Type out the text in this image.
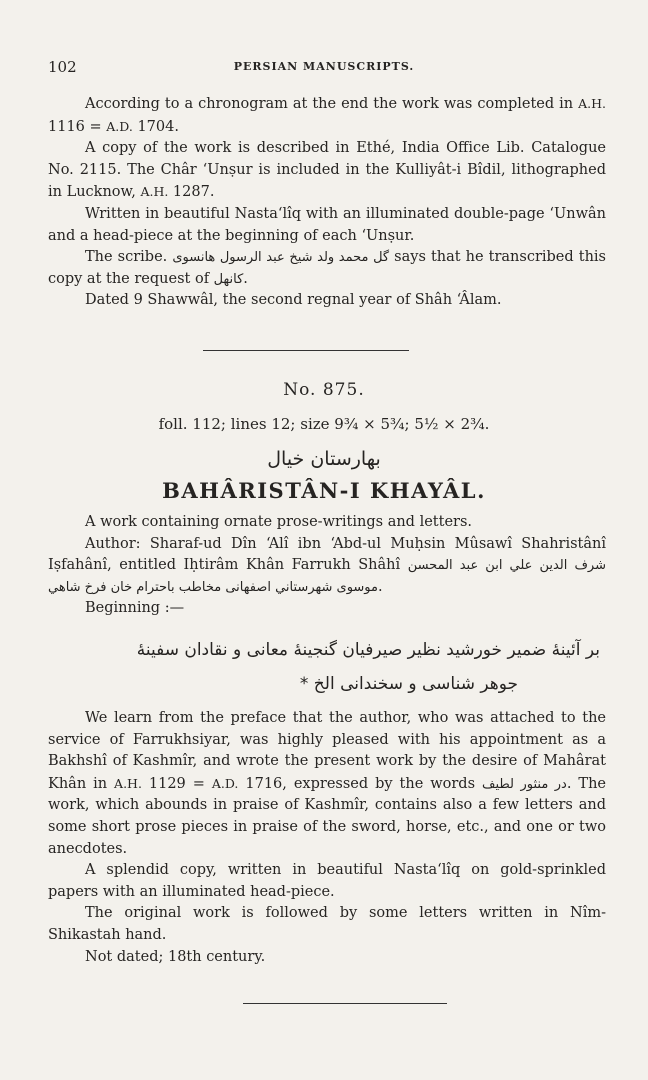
102	PERSIAN MANUSCRIPTS.

According to a chronogram at the end the work was completed in A.H. 1116 = A.D. 1704.

A copy of the work is described in Ethé, India Office Lib. Catalogue No. 2115. The Châr ‘Unṣur is included in the Kulliyât-i Bîdil, lithographed in Lucknow, A.H. 1287.

Written in beautiful Nasta‘lîq with an illuminated double-page ‘Unwân and a head-piece at the beginning of each ‘Unṣur.

The scribe. گل محمد ولد شیخ عبد الرسول هانسوی says that he transcribed this copy at the request of کانهل.

Dated 9 Shawwâl, the second regnal year of Shâh ‘Âlam.

No. 875.
foll. 112; lines 12; size 9¾ × 5¾; 5½ × 2¾.
بهارستان خیال
BAHÂRISTÂN-I KHAYÂL.

A work containing ornate prose-writings and letters.

Author: Sharaf-ud Dîn ‘Alî ibn ‘Abd-ul Muḥsin Mûsawî Shahristânî Iṣfahânî, entitled Iḥtirâm Khân Farrukh Shâhî شرف الدين علي ابن عبد المحسن موسوى شهرستاني اصفهانى مخاطب باحترام خان فرخ شاهي.

Beginning :—

بر آئینهٔ ضمیر خورشید نظیر صیرفیان گنجینهٔ معانی و نقادان سفینهٔ
جوهر شناسی و سخندانی الخ *

We learn from the preface that the author, who was attached to the service of Farrukhsiyar, was highly pleased with his appointment as a Bakhshî of Kashmîr, and wrote the present work by the desire of Mahârat Khân in A.H. 1129 = A.D. 1716, expressed by the words در منثور لطیف. The work, which abounds in praise of Kashmîr, contains also a few letters and some short prose pieces in praise of the sword, horse, etc., and one or two anecdotes.

A splendid copy, written in beautiful Nasta‘lîq on gold-sprinkled papers with an illuminated head-piece.

The original work is followed by some letters written in Nîm-Shikastah hand.

Not dated; 18th century.
